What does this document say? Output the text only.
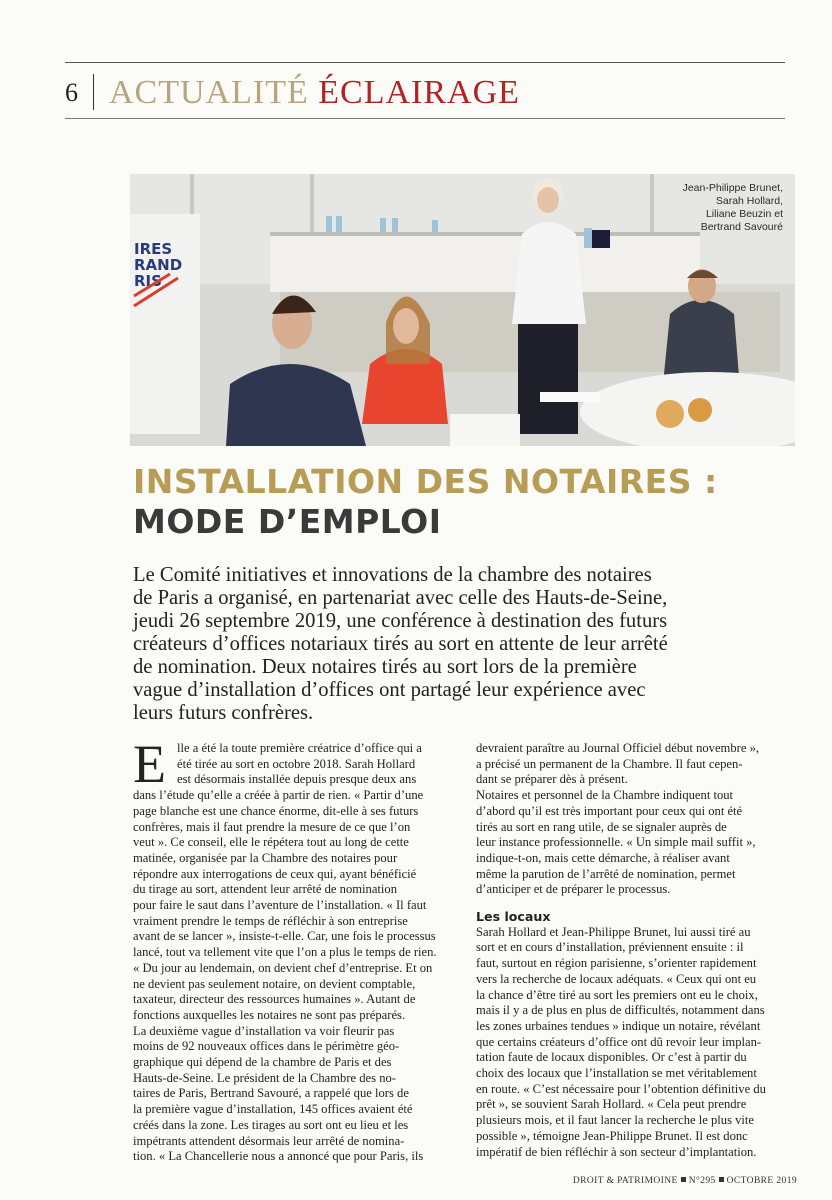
6 ACTUALITÉ ÉCLAIRAGE
IRES
RAND
RIS
Jean-Philippe Brunet,
Sarah Hollard,
Liliane Beuzin et
Bertrand Savouré
INSTALLATION DES NOTAIRES :
MODE D’EMPLOI
Le Comité initiatives et innovations de la chambre des notaires
de Paris a organisé, en partenariat avec celle des Hauts-de-Seine,
jeudi 26 septembre 2019, une conférence à destination des futurs
créateurs d’offices notariaux tirés au sort en attente de leur arrêté
de nomination. Deux notaires tirés au sort lors de la première
vague d’installation d’offices ont partagé leur expérience avec
leurs futurs confrères.
E lle a été la toute première créatrice d’office qui a
été tirée au sort en octobre 2018. Sarah Hollard
est désormais installée depuis presque deux ans
dans l’étude qu’elle a créée à partir de rien. « Partir d’une
page blanche est une chance énorme, dit-elle à ses futurs
confrères, mais il faut prendre la mesure de ce que l’on
veut ». Ce conseil, elle le répétera tout au long de cette
matinée, organisée par la Chambre des notaires pour
répondre aux interrogations de ceux qui, ayant bénéficié
du tirage au sort, attendent leur arrêté de nomination
pour faire le saut dans l’aventure de l’installation. « Il faut
vraiment prendre le temps de réfléchir à son entreprise
avant de se lancer », insiste-t-elle. Car, une fois le processus
lancé, tout va tellement vite que l’on a plus le temps de rien.
« Du jour au lendemain, on devient chef d’entreprise. Et on
ne devient pas seulement notaire, on devient comptable,
taxateur, directeur des ressources humaines ». Autant de
fonctions auxquelles les notaires ne sont pas préparés.
La deuxième vague d’installation va voir fleurir pas
moins de 92 nouveaux offices dans le périmètre géo-
graphique qui dépend de la chambre de Paris et des
Hauts-de-Seine. Le président de la Chambre des no-
taires de Paris, Bertrand Savouré, a rappelé que lors de
la première vague d’installation, 145 offices avaient été
créés dans la zone. Les tirages au sort ont eu lieu et les
impétrants attendent désormais leur arrêté de nomina-
tion. « La Chancellerie nous a annoncé que pour Paris, ils
devraient paraître au Journal Officiel début novembre »,
a précisé un permanent de la Chambre. Il faut cepen-
dant se préparer dès à présent.
Notaires et personnel de la Chambre indiquent tout
d’abord qu’il est très important pour ceux qui ont été
tirés au sort en rang utile, de se signaler auprès de
leur instance professionnelle. « Un simple mail suffit »,
indique-t-on, mais cette démarche, à réaliser avant
même la parution de l’arrêté de nomination, permet
d’anticiper et de préparer le processus.
Les locaux
Sarah Hollard et Jean-Philippe Brunet, lui aussi tiré au
sort et en cours d’installation, préviennent ensuite : il
faut, surtout en région parisienne, s’orienter rapidement
vers la recherche de locaux adéquats. « Ceux qui ont eu
la chance d’être tiré au sort les premiers ont eu le choix,
mais il y a de plus en plus de difficultés, notamment dans
les zones urbaines tendues » indique un notaire, révélant
que certains créateurs d’office ont dû revoir leur implan-
tation faute de locaux disponibles. Or c’est à partir du
choix des locaux que l’installation se met véritablement
en route. « C’est nécessaire pour l’obtention définitive du
prêt », se souvient Sarah Hollard. « Cela peut prendre
plusieurs mois, et il faut lancer la recherche le plus vite
possible », témoigne Jean-Philippe Brunet. Il est donc
impératif de bien réfléchir à son secteur d’implantation.
DROIT & PATRIMOINE N°295 OCTOBRE 2019
